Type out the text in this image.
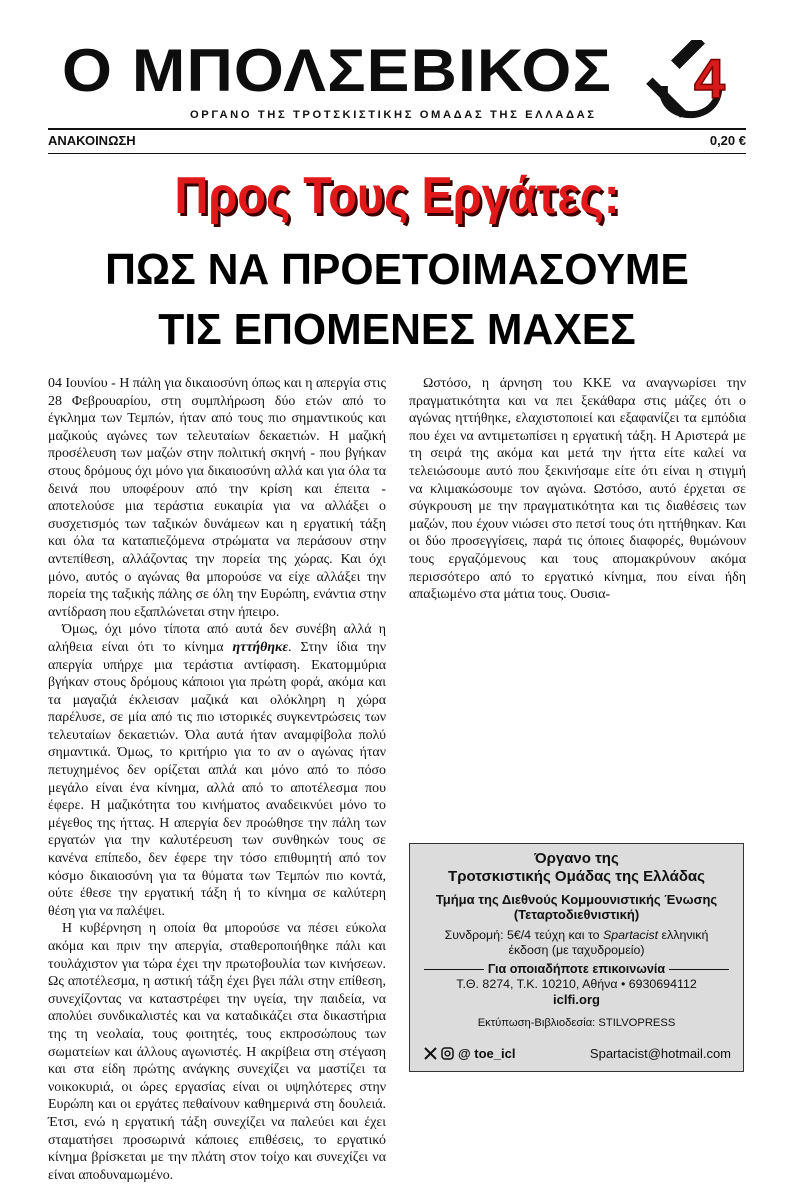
Ο ΜΠΟΛΣΕΒΙΚΟΣ
ΟΡΓΑΝΟ ΤΗΣ ΤΡΟΤΣΚΙΣΤΙΚΗΣ ΟΜΑΔΑΣ ΤΗΣ ΕΛΛΑΔΑΣ
4
ΑΝΑΚΟΙΝΩΣΗ	0,20 €
Προς Τους Εργάτες:
ΠΩΣ ΝΑ ΠΡΟΕΤΟΙΜΑΣΟΥΜΕ
ΤΙΣ ΕΠΟΜΕΝΕΣ ΜΑΧΕΣ

04 Ιουνίου - Η πάλη για δικαιοσύνη όπως και η απεργία στις 28 Φεβρουαρίου, στη συμπλήρωση δύο ετών από το έγκλημα των Τεμπών, ήταν από τους πιο σημαντικούς και μαζικούς αγώνες των τελευταίων δεκαετιών. Η μαζική προσέλευση των μαζών στην πολιτική σκηνή - που βγήκαν στους δρόμους όχι μόνο για δικαιοσύνη αλλά και για όλα τα δεινά που υποφέρουν από την κρίση και έπειτα - αποτελούσε μια τεράστια ευκαιρία για να αλλάξει ο συσχετισμός των ταξικών δυνάμεων και η εργατική τάξη και όλα τα καταπιεζόμενα στρώματα να περάσουν στην αντεπίθεση, αλλάζοντας την πορεία της χώρας. Και όχι μόνο, αυτός ο αγώνας θα μπορούσε να είχε αλλάξει την πορεία της ταξικής πάλης σε όλη την Ευρώπη, ενάντια στην αντίδραση που εξαπλώνεται στην ήπειρο.

Όμως, όχι μόνο τίποτα από αυτά δεν συνέβη αλλά η αλήθεια είναι ότι το κίνημα ηττήθηκε. Στην ίδια την απεργία υπήρχε μια τεράστια αντίφαση. Εκατομμύρια βγήκαν στους δρόμους κάποιοι για πρώτη φορά, ακόμα και τα μαγαζιά έκλεισαν μαζικά και ολόκληρη η χώρα παρέλυσε, σε μία από τις πιο ιστορικές συγκεντρώσεις των τελευταίων δεκαετιών. Όλα αυτά ήταν αναμφίβολα πολύ σημαντικά. Όμως, το κριτήριο για το αν ο αγώνας ήταν πετυχημένος δεν ορίζεται απλά και μόνο από το πόσο μεγάλο είναι ένα κίνημα, αλλά από το αποτέλεσμα που έφερε. Η μαζικότητα του κινήματος αναδεικνύει μόνο το μέγεθος της ήττας. Η απεργία δεν προώθησε την πάλη των εργατών για την καλυτέρευση των συνθηκών τους σε κανένα επίπεδο, δεν έφερε την τόσο επιθυμητή από τον κόσμο δικαιοσύνη για τα θύματα των Τεμπών πιο κοντά, ούτε έθεσε την εργατική τάξη ή το κίνημα σε καλύτερη θέση για να παλέψει.

Η κυβέρνηση η οποία θα μπορούσε να πέσει εύκολα ακόμα και πριν την απεργία, σταθεροποιήθηκε πάλι και τουλάχιστον για τώρα έχει την πρωτοβουλία των κινήσεων. Ως αποτέλεσμα, η αστική τάξη έχει βγει πάλι στην επίθεση, συνεχίζοντας να καταστρέφει την υγεία, την παιδεία, να απολύει συνδικαλιστές και να καταδικάζει στα δικαστήρια της τη νεολαία, τους φοιτητές, τους εκπροσώπους των σωματείων και άλλους αγωνιστές. Η ακρίβεια στη στέγαση και στα είδη πρώτης ανάγκης συνεχίζει να μαστίζει τα νοικοκυριά, οι ώρες εργασίας είναι οι υψηλότερες στην Ευρώπη και οι εργάτες πεθαίνουν καθημερινά στη δουλειά. Έτσι, ενώ η εργατική τάξη συνεχίζει να παλεύει και έχει σταματήσει προσωρινά κάποιες επιθέσεις, το εργατικό κίνημα βρίσκεται με την πλάτη στον τοίχο και συνεχίζει να είναι αποδυναμωμένο.

Ωστόσο, η άρνηση του ΚΚΕ να αναγνωρίσει την πραγματικότητα και να πει ξεκάθαρα στις μάζες ότι ο αγώνας ηττήθηκε, ελαχιστοποιεί και εξαφανίζει τα εμπόδια που έχει να αντιμετωπίσει η εργατική τάξη. Η Αριστερά με τη σειρά της ακόμα και μετά την ήττα είτε καλεί να τελειώσουμε αυτό που ξεκινήσαμε είτε ότι είναι η στιγμή να κλιμακώσουμε τον αγώνα. Ωστόσο, αυτό έρχεται σε σύγκρουση με την πραγματικότητα και τις διαθέσεις των μαζών, που έχουν νιώσει στο πετσί τους ότι ηττήθηκαν. Και οι δύο προσεγγίσεις, παρά τις όποιες διαφορές, θυμώνουν τους εργαζόμενους και τους απομακρύνουν ακόμα περισσότερο από το εργατικό κίνημα, που είναι ήδη απαξιωμένο στα μάτια τους. Ουσια-

Όργανο της
Τροτσκιστικής Ομάδας της Ελλάδας
Τμήμα της Διεθνούς Κομμουνιστικής Ένωσης
(Τεταρτοδιεθνιστική)
Συνδρομή: 5€/4 τεύχη και το Spartacist ελληνική
έκδοση (με ταχυδρομείο)
Για οποιαδήποτε επικοινωνία
Τ.Θ. 8274, Τ.Κ. 10210, Αθήνα • 6930694112
iclfi.org
Εκτύπωση-Βιβλιοδεσία: STILVOPRESS
@ toe_icl	Spartacist@hotmail.com
